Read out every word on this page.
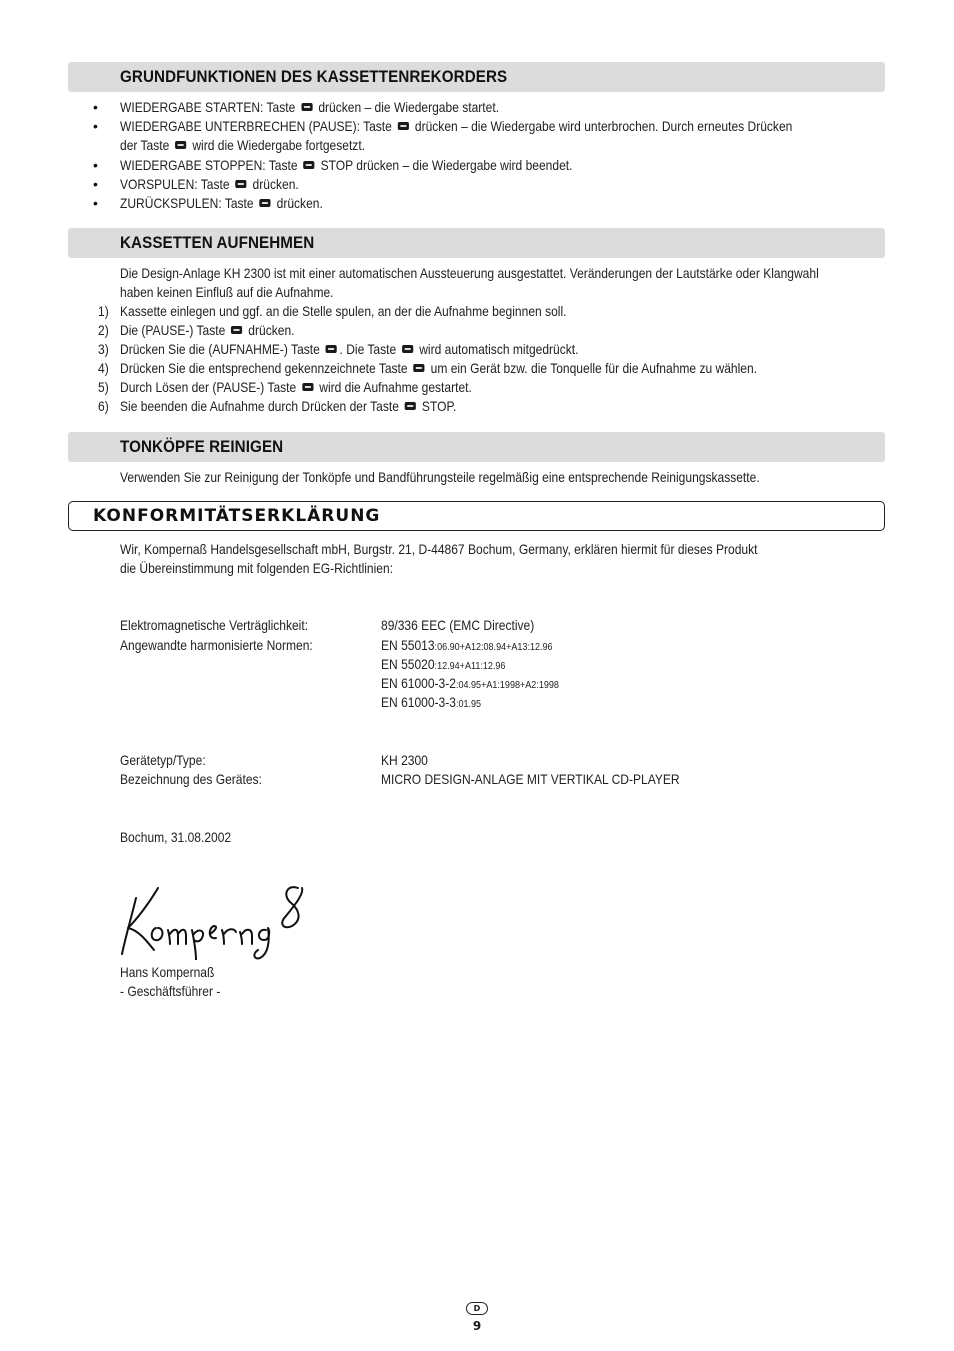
GRUNDFUNKTIONEN DES KASSETTENREKORDERS
• WIEDERGABE STARTEN: Taste  drücken – die Wiedergabe startet.
• WIEDERGABE UNTERBRECHEN (PAUSE): Taste  drücken – die Wiedergabe wird unterbrochen. Durch erneutes Drücken
der Taste  wird die Wiedergabe fortgesetzt.
• WIEDERGABE STOPPEN: Taste  STOP drücken – die Wiedergabe wird beendet.
• VORSPULEN: Taste  drücken.
• ZURÜCKSPULEN: Taste  drücken.
KASSETTEN AUFNEHMEN
Die Design-Anlage KH 2300 ist mit einer automatischen Aussteuerung ausgestattet. Veränderungen der Lautstärke oder Klangwahl
haben keinen Einfluß auf die Aufnahme.
1) Kassette einlegen und ggf. an die Stelle spulen, an der die Aufnahme beginnen soll.
2) Die (PAUSE-) Taste  drücken.
3) Drücken Sie die (AUFNAHME-) Taste . Die Taste  wird automatisch mitgedrückt.
4) Drücken Sie die entsprechend gekennzeichnete Taste  um ein Gerät bzw. die Tonquelle für die Aufnahme zu wählen.
5) Durch Lösen der (PAUSE-) Taste  wird die Aufnahme gestartet.
6) Sie beenden die Aufnahme durch Drücken der Taste  STOP.
TONKÖPFE REINIGEN
Verwenden Sie zur Reinigung der Tonköpfe und Bandführungsteile regelmäßig eine entsprechende Reinigungskassette.
KONFORMITÄTSERKLÄRUNG
Wir, Kompernaß Handelsgesellschaft mbH, Burgstr. 21, D-44867 Bochum, Germany, erklären hiermit für dieses Produkt
die Übereinstimmung mit folgenden EG-Richtlinien:
Elektromagnetische Verträglichkeit:	89/336 EEC (EMC Directive)
Angewandte harmonisierte Normen:	EN 55013:06.90+A12:08.94+A13:12.96
EN 55020:12.94+A11:12.96
EN 61000-3-2:04.95+A1:1998+A2:1998
EN 61000-3-3:01.95
Gerätetyp/Type:	KH 2300
Bezeichnung des Gerätes:	MICRO DESIGN-ANLAGE MIT VERTIKAL CD-PLAYER
Bochum, 31.08.2002
Hans Kompernaß
- Geschäftsführer -
D
9
